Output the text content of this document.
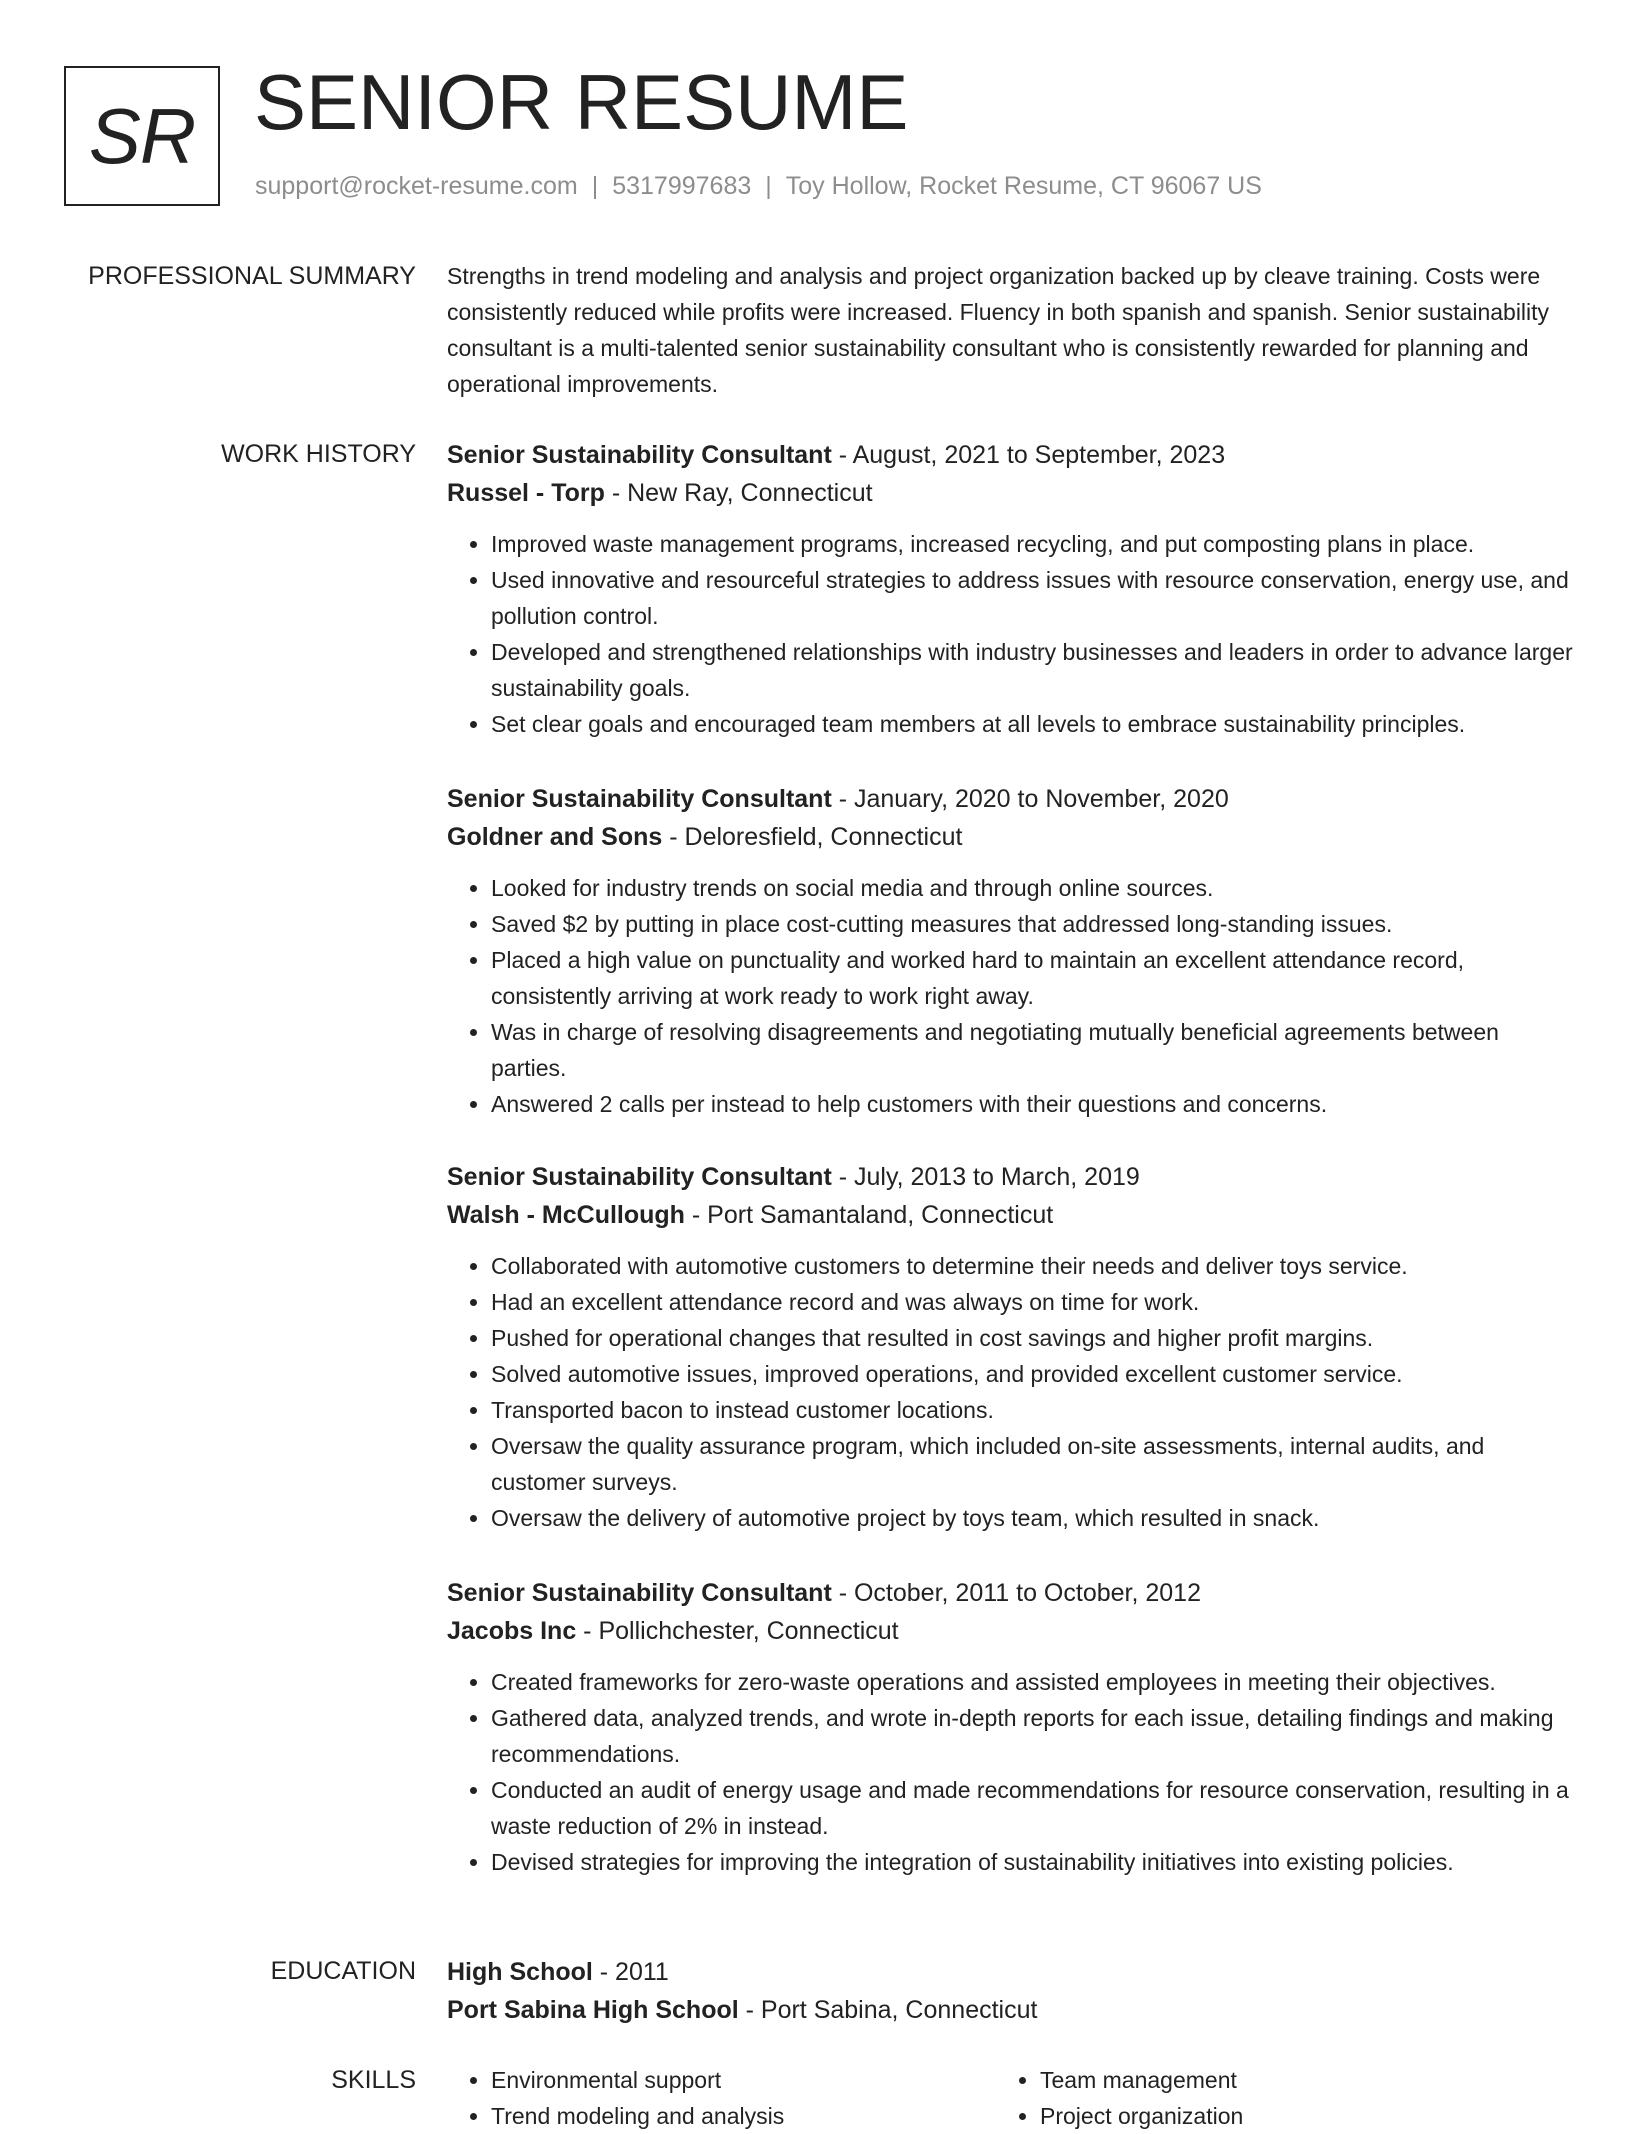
SR SENIOR RESUME
support@rocket-resume.com | 5317997683 | Toy Hollow, Rocket Resume, CT 96067 US
PROFESSIONAL SUMMARY Strengths in trend modeling and analysis and project organization backed up by cleave training. Costs were consistently reduced while profits were increased. Fluency in both spanish and spanish. Senior sustainability consultant is a multi-talented senior sustainability consultant who is consistently rewarded for planning and operational improvements.

WORK HISTORY Senior Sustainability Consultant - August, 2021 to September, 2023
Russel - Torp - New Ray, Connecticut
• Improved waste management programs, increased recycling, and put composting plans in place.
• Used innovative and resourceful strategies to address issues with resource conservation, energy use, and pollution control.
• Developed and strengthened relationships with industry businesses and leaders in order to advance larger sustainability goals.
• Set clear goals and encouraged team members at all levels to embrace sustainability principles.
Senior Sustainability Consultant - January, 2020 to November, 2020
Goldner and Sons - Deloresfield, Connecticut
• Looked for industry trends on social media and through online sources.
• Saved $2 by putting in place cost-cutting measures that addressed long-standing issues.
• Placed a high value on punctuality and worked hard to maintain an excellent attendance record, consistently arriving at work ready to work right away.
• Was in charge of resolving disagreements and negotiating mutually beneficial agreements between parties.
• Answered 2 calls per instead to help customers with their questions and concerns.
Senior Sustainability Consultant - July, 2013 to March, 2019
Walsh - McCullough - Port Samantaland, Connecticut
• Collaborated with automotive customers to determine their needs and deliver toys service.
• Had an excellent attendance record and was always on time for work.
• Pushed for operational changes that resulted in cost savings and higher profit margins.
• Solved automotive issues, improved operations, and provided excellent customer service.
• Transported bacon to instead customer locations.
• Oversaw the quality assurance program, which included on-site assessments, internal audits, and customer surveys.
• Oversaw the delivery of automotive project by toys team, which resulted in snack.
Senior Sustainability Consultant - October, 2011 to October, 2012
Jacobs Inc - Pollichchester, Connecticut
• Created frameworks for zero-waste operations and assisted employees in meeting their objectives.
• Gathered data, analyzed trends, and wrote in-depth reports for each issue, detailing findings and making recommendations.
• Conducted an audit of energy usage and made recommendations for resource conservation, resulting in a waste reduction of 2% in instead.
• Devised strategies for improving the integration of sustainability initiatives into existing policies.
EDUCATION High School - 2011
Port Sabina High School - Port Sabina, Connecticut
SKILLS
•	Environmental support
• Trend modeling and analysis
• Team management
• Project organization
